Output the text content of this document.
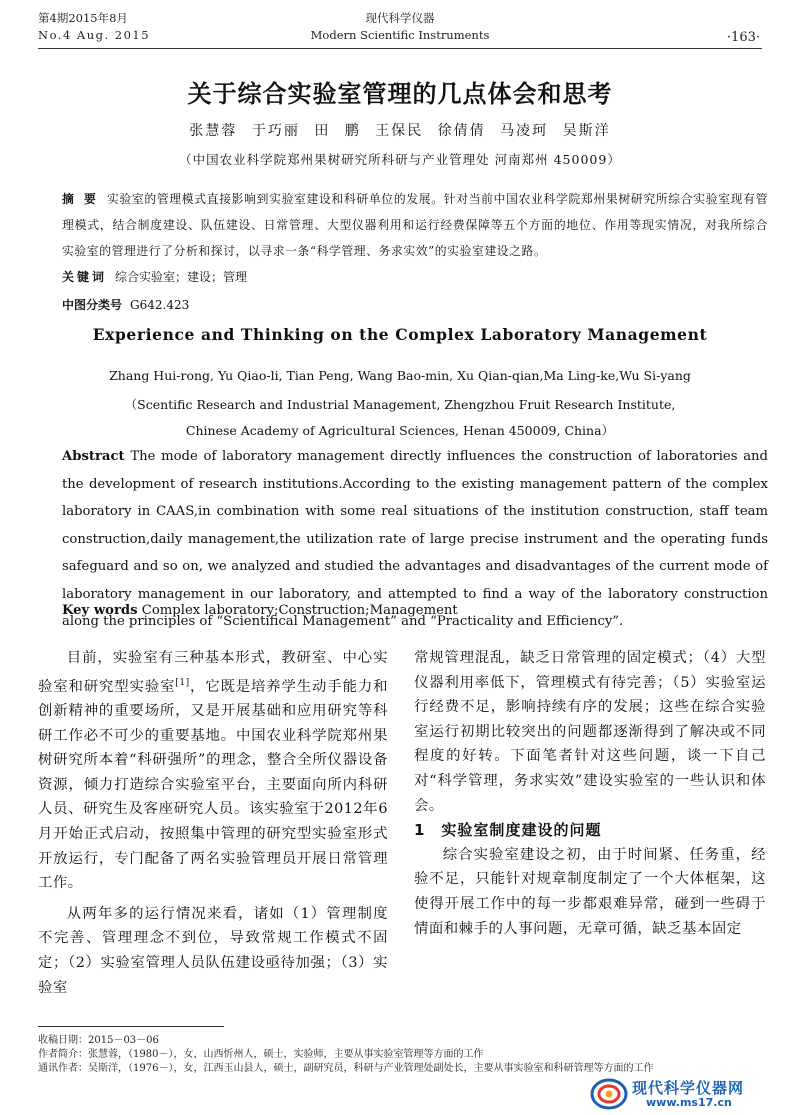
第4期2015年8月
No.4 Aug. 2015
现代科学仪器
Modern Scientific Instruments	·163·
关于综合实验室管理的几点体会和思考
张慧蓉 于巧丽 田 鹏 王保民 徐倩倩 马凌珂 吴斯洋
（中国农业科学院郑州果树研究所科研与产业管理处 河南郑州 450009）
摘 要 实验室的管理模式直接影响到实验室建设和科研单位的发展。针对当前中国农业科学院郑州果树研究所综合实验室现有管理模式，结合制度建设、队伍建设、日常管理、大型仪器利用和运行经费保障等五个方面的地位、作用等现实情况，对我所综合实验室的管理进行了分析和探讨，以寻求一条“科学管理、务求实效”的实验室建设之路。
关键词 综合实验室；建设；管理
中图分类号 G642.423
Experience and Thinking on the Complex Laboratory Management
Zhang Hui-rong, Yu Qiao-li, Tian Peng, Wang Bao-min, Xu Qian-qian,Ma Ling-ke,Wu Si-yang
（Scentific Research and Industrial Management, Zhengzhou Fruit Research Institute,
Chinese Academy of Agricultural Sciences, Henan 450009, China）
Abstract The mode of laboratory management directly influences the construction of laboratories and the development of research institutions.According to the existing management pattern of the complex laboratory in CAAS,in combination with some real situations of the institution construction, staff team construction,daily management,the utilization rate of large precise instrument and the operating funds safeguard and so on, we analyzed and studied the advantages and disadvantages of the current mode of laboratory management in our laboratory, and attempted to find a way of the laboratory construction along the principles of “Scientifical Management” and “Practicality and Efficiency”.
Key words Complex laboratory;Construction;Management

目前，实验室有三种基本形式，教研室、中心实验室和研究型实验室[1]，它既是培养学生动手能力和创新精神的重要场所，又是开展基础和应用研究等科研工作必不可少的重要基地。中国农业科学院郑州果树研究所本着“科研强所”的理念，整合全所仪器设备资源，倾力打造综合实验室平台，主要面向所内科研人员、研究生及客座研究人员。该实验室于2012年6月开始正式启动，按照集中管理的研究型实验室形式开放运行，专门配备了两名实验管理员开展日常管理工作。

从两年多的运行情况来看，诸如（1）管理制度不完善、管理理念不到位，导致常规工作模式不固定；（2）实验室管理人员队伍建设亟待加强；（3）实验室

常规管理混乱，缺乏日常管理的固定模式；（4）大型仪器利用率低下，管理模式有待完善；（5）实验室运行经费不足，影响持续有序的发展；这些在综合实验室运行初期比较突出的问题都逐渐得到了解决或不同程度的好转。下面笔者针对这些问题，谈一下自己对“科学管理，务求实效”建设实验室的一些认识和体会。

1　实验室制度建设的问题

综合实验室建设之初，由于时间紧、任务重，经验不足，只能针对规章制度制定了一个大体框架，这使得开展工作中的每一步都艰难异常，碰到一些碍于情面和棘手的人事问题，无章可循，缺乏基本固定

收稿日期：2015－03－06
作者简介：张慧蓉，（1980－），女，山西忻州人，硕士，实验师，主要从事实验室管理等方面的工作
通讯作者：吴斯洋，（1976－），女，江西玉山县人，硕士，副研究员，科研与产业管理处副处长，主要从事实验室和科研管理等方面的工作
现代科学仪器网
www.ms17.cn
